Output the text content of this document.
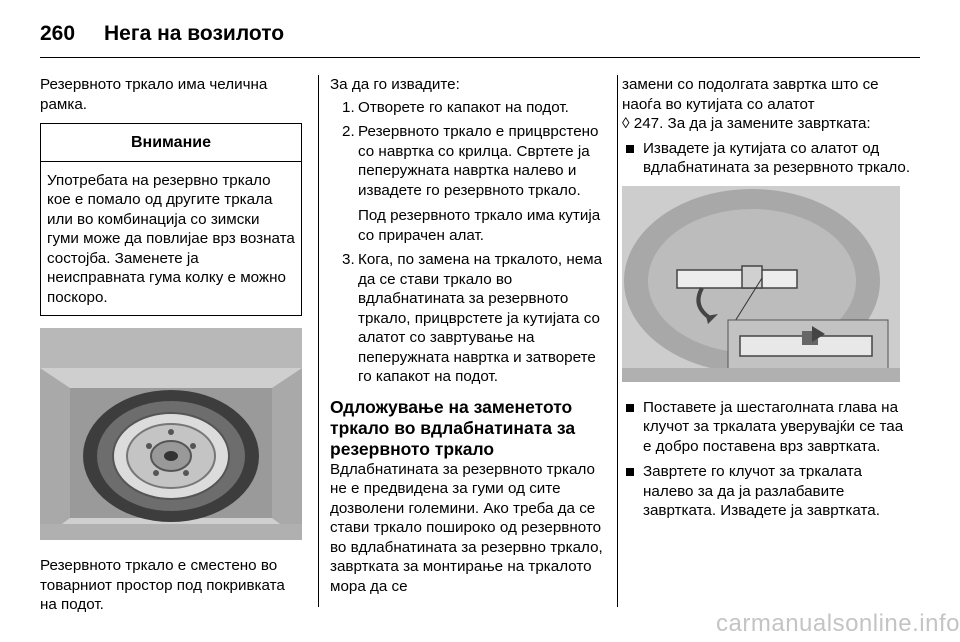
260 Нега на возилото

Резервното тркало има челична рамка.

Внимание
Употребата на резервно тркало кое е помало од другите тркала или во комбинација со зимски гуми може да повлијае врз возната состојба. Заменете ја неисправната гума колку е можно поскоро.

Резервното тркало е сместено во товарниот простор под покривката на подот.

За да го извадите:

1. Отворете го капакот на подот.
2. Резервното тркало е прицврстено со навртка со крилца. Свртете ја пеперужната навртка налево и извадете го резервното тркало.
Под резервното тркало има кутија со прирачен алат.
3. Кога, по замена на тркалото, нема да се стави тркало во вдлабнатината за резервното тркало, прицврстете ја кутијата со алатот со завртување на пеперужната навртка и затворете го капакот на подот.
Одложување на заменетото тркало во вдлабнатината за резервното тркало

Вдлабнатината за резервното тркало не е предвидена за гуми од сите дозволени големини. Ако треба да се стави тркало пошироко од резервното во вдлабнатината за резервно тркало, завртката за монтирање на тркалото мора да се

замени со подолгата завртка што се наоѓа во кутијата со алатот
◊ 247. За да ја замените завртката:

Извадете ја кутијата со алатот од вдлабнатината за резервното тркало.
Поставете ја шестаголната глава на клучот за тркалата уверувајќи се таа е добро поставена врз завртката.
Завртете го клучот за тркалата налево за да ја разлабавите завртката. Извадете ја завртката.
carmanualsonline.info
